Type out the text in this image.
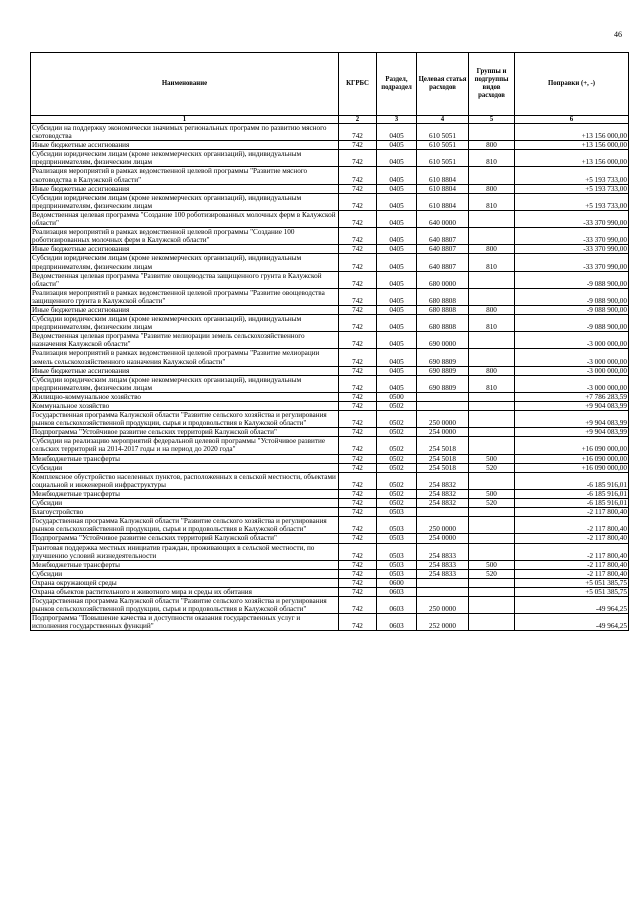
46
Наименование	КГРБС	Раздел, подраздел	Целевая статья расходов	Группы и подгруппы видов расходов	Поправки (+, -)
1	2	3	4	5	6
Субсидии на поддержку экономически значимых региональных программ по развитию мясного скотоводства	742	0405	610 5051		+13 156 000,00
Иные бюджетные ассигнования	742	0405	610 5051	800	+13 156 000,00
Субсидии юридическим лицам (кроме некоммерческих организаций), индивидуальным предпринимателям, физическим лицам	742	0405	610 5051	810	+13 156 000,00
Реализация мероприятий в рамках ведомственной целевой программы "Развитие мясного скотоводства в Калужской области"	742	0405	610 8804		+5 193 733,00
Иные бюджетные ассигнования	742	0405	610 8804	800	+5 193 733,00
Субсидии юридическим лицам (кроме некоммерческих организаций), индивидуальным предпринимателям, физическим лицам	742	0405	610 8804	810	+5 193 733,00
Ведомственная целевая программа "Создание 100 роботизированных молочных ферм в Калужской области"	742	0405	640 0000		-33 370 990,00
Реализация мероприятий в рамках ведомственной целевой программы "Создание 100 роботизированных молочных ферм в Калужской области"	742	0405	640 8807		-33 370 990,00
Иные бюджетные ассигнования	742	0405	640 8807	800	-33 370 990,00
Субсидии юридическим лицам (кроме некоммерческих организаций), индивидуальным предпринимателям, физическим лицам	742	0405	640 8807	810	-33 370 990,00
Ведомственная целевая программа "Развитие овощеводства защищенного грунта в Калужской области"	742	0405	680 0000		-9 088 900,00
Реализация мероприятий в рамках ведомственной целевой программы "Развитие овощеводства защищенного грунта в Калужской области"	742	0405	680 8808		-9 088 900,00
Иные бюджетные ассигнования	742	0405	680 8808	800	-9 088 900,00
Субсидии юридическим лицам (кроме некоммерческих организаций), индивидуальным предпринимателям, физическим лицам	742	0405	680 8808	810	-9 088 900,00
Ведомственная целевая программа "Развитие мелиорации земель сельскохозяйственного назначения Калужской области"	742	0405	690 0000		-3 000 000,00
Реализация мероприятий в рамках ведомственной целевой программы "Развитие мелиорации земель сельскохозяйственного назначения Калужской области"	742	0405	690 8809		-3 000 000,00
Иные бюджетные ассигнования	742	0405	690 8809	800	-3 000 000,00
Субсидии юридическим лицам (кроме некоммерческих организаций), индивидуальным предпринимателям, физическим лицам	742	0405	690 8809	810	-3 000 000,00
Жилищно-коммунальное хозяйство	742	0500			+7 786 283,59
Коммунальное хозяйство	742	0502			+9 904 083,99
Государственная программа Калужской области "Развитие сельского хозяйства и регулирования рынков сельскохозяйственной продукции, сырья и продовольствия в Калужской области"	742	0502	250 0000		+9 904 083,99
Подпрограмма "Устойчивое развитие сельских территорий Калужской области"	742	0502	254 0000		+9 904 083,99
Субсидии на реализацию мероприятий федеральной целевой программы "Устойчивое развитие сельских территорий на 2014-2017 годы и на период до 2020 года"	742	0502	254 5018		+16 090 000,00
Межбюджетные трансферты	742	0502	254 5018	500	+16 090 000,00
Субсидии	742	0502	254 5018	520	+16 090 000,00
Комплексное обустройство населенных пунктов, расположенных в сельской местности, объектами социальной и инженерной инфраструктуры	742	0502	254 8832		-6 185 916,01
Межбюджетные трансферты	742	0502	254 8832	500	-6 185 916,01
Субсидии	742	0502	254 8832	520	-6 185 916,01
Благоустройство	742	0503			-2 117 800,40
Государственная программа Калужской области "Развитие сельского хозяйства и регулирования рынков сельскохозяйственной продукции, сырья и продовольствия в Калужской области"	742	0503	250 0000		-2 117 800,40
Подпрограмма "Устойчивое развитие сельских территорий Калужской области"	742	0503	254 0000		-2 117 800,40
Грантовая поддержка местных инициатив граждан, проживающих в сельской местности, по улучшению условий жизнедеятельности	742	0503	254 8833		-2 117 800,40
Межбюджетные трансферты	742	0503	254 8833	500	-2 117 800,40
Субсидии	742	0503	254 8833	520	-2 117 800,40
Охрана окружающей среды	742	0600			+5 051 385,75
Охрана объектов растительного и животного мира и среды их обитания	742	0603			+5 051 385,75
Государственная программа Калужской области "Развитие сельского хозяйства и регулирования рынков сельскохозяйственной продукции, сырья и продовольствия в Калужской области"	742	0603	250 0000		-49 964,25
Подпрограмма "Повышение качества и доступности оказания государственных услуг и исполнения государственных функций"	742	0603	252 0000		-49 964,25
